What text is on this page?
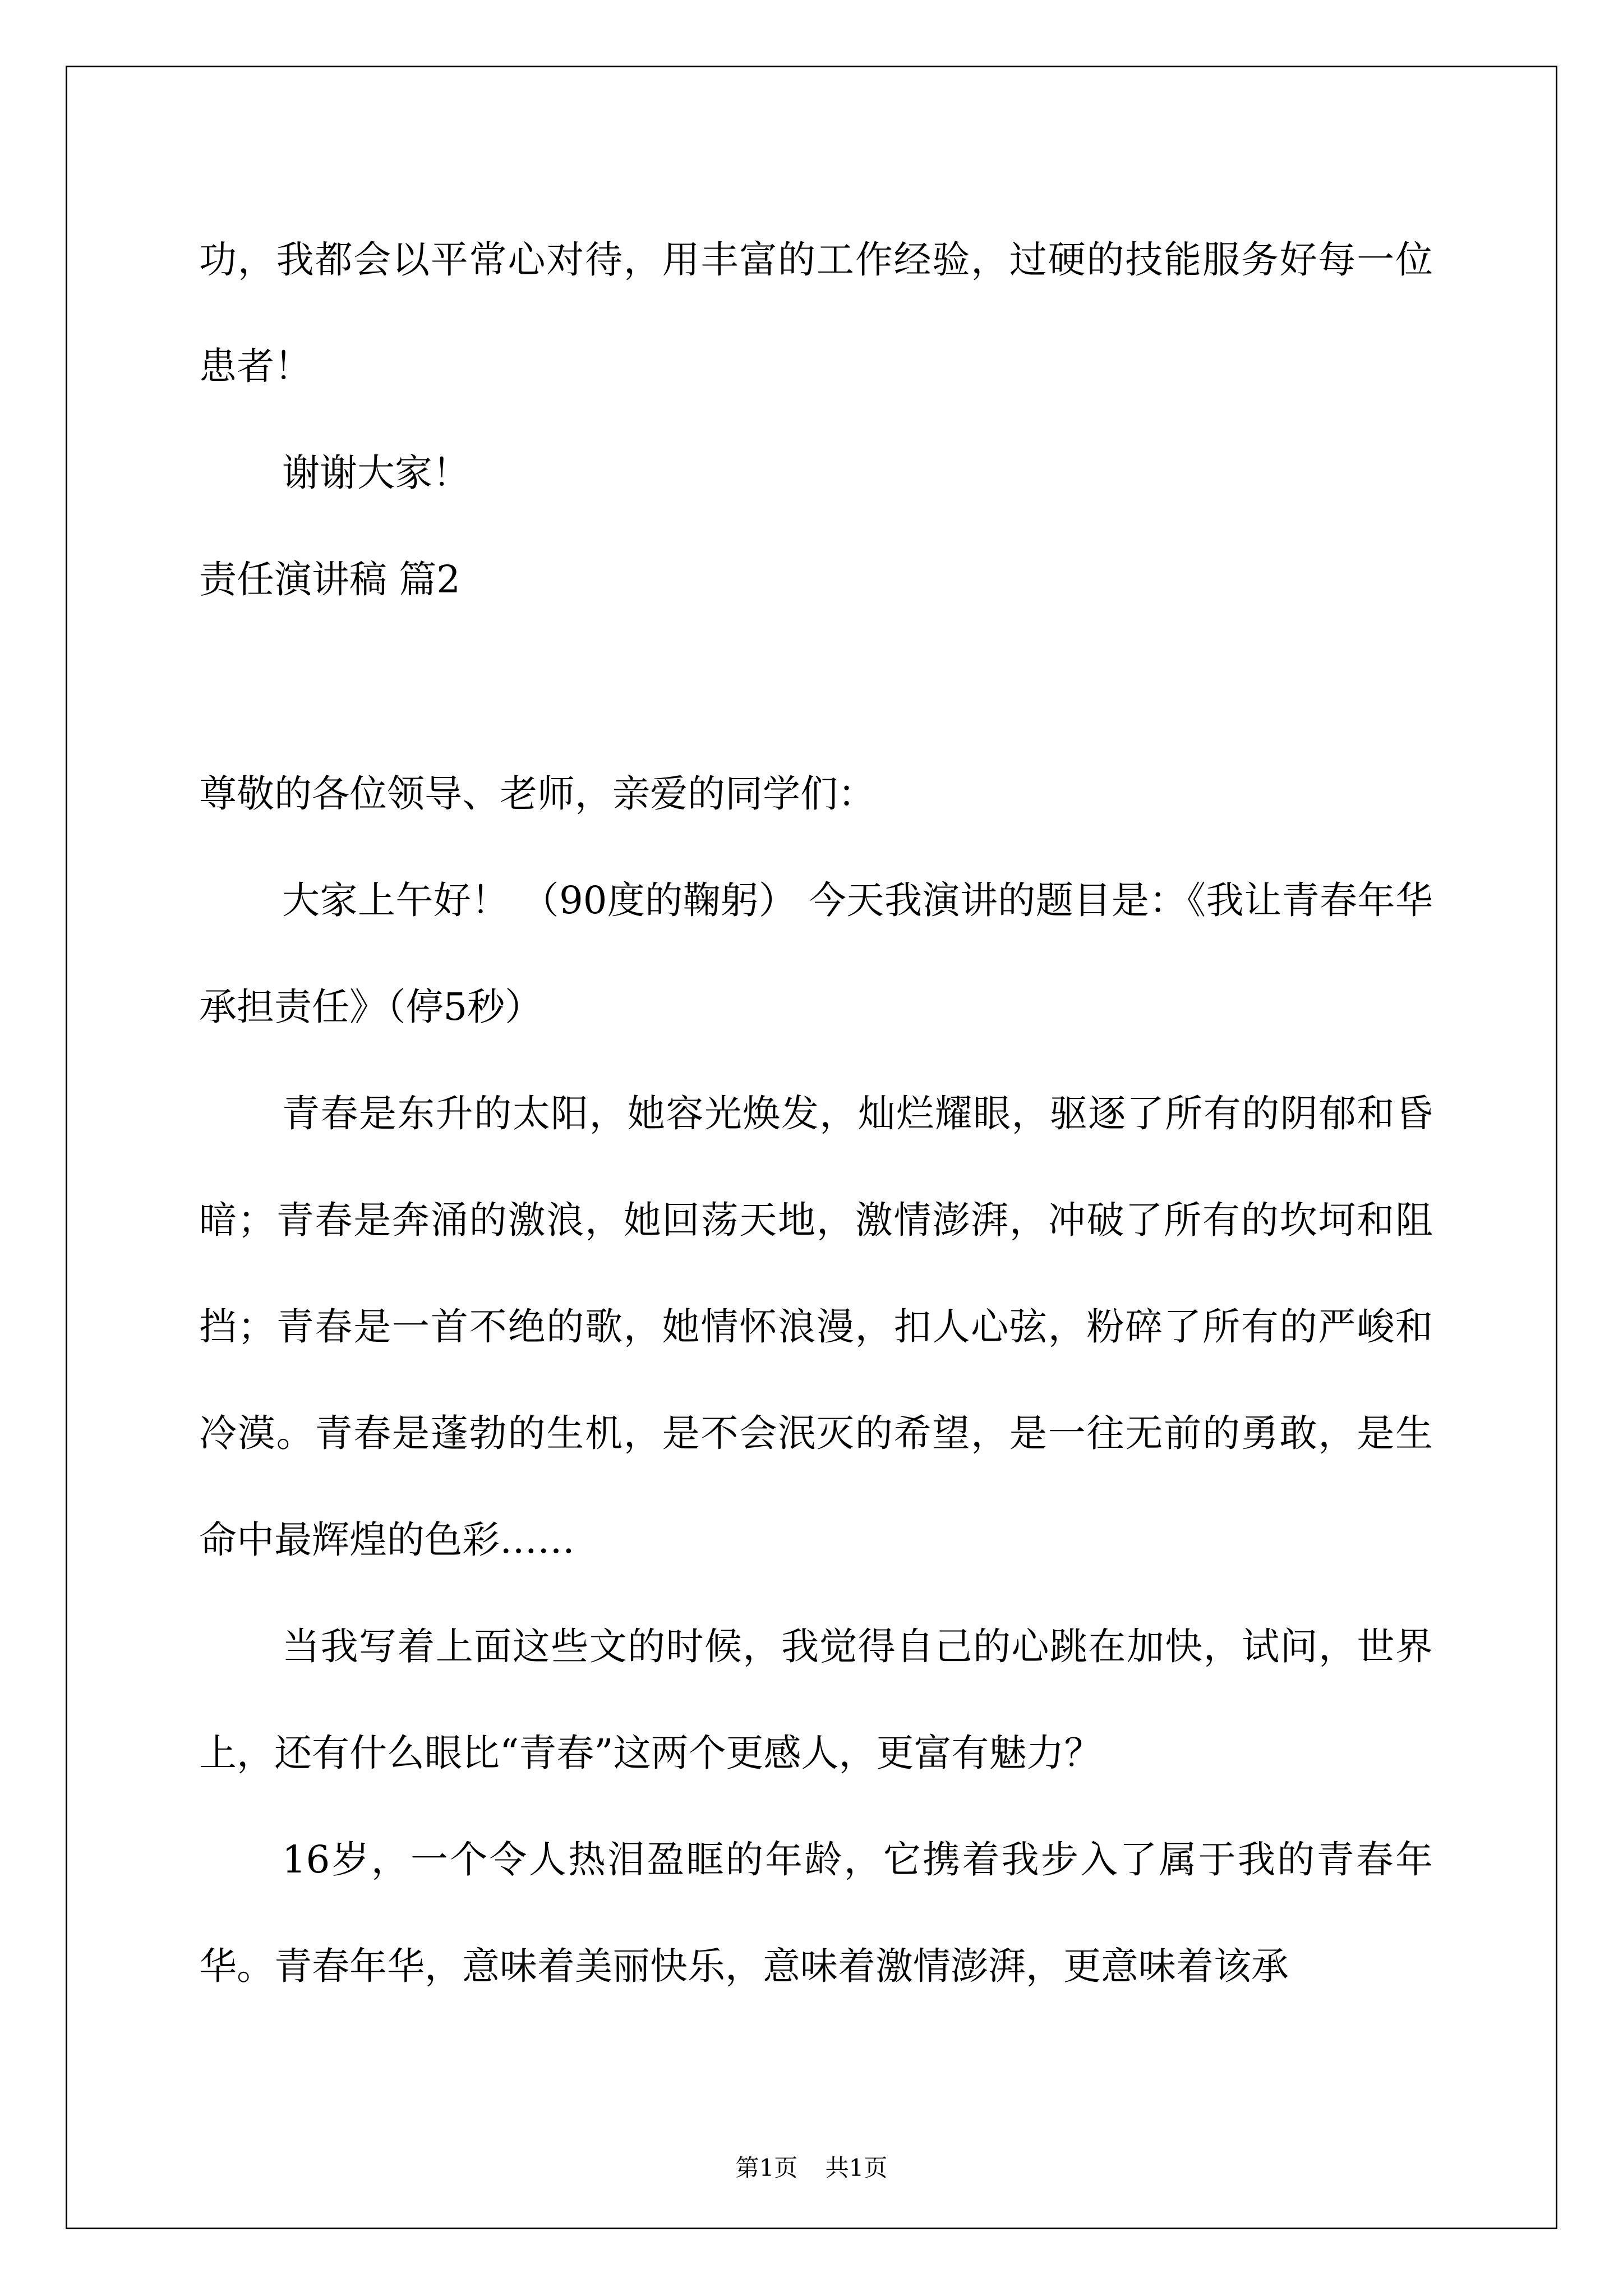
功，我都会以平常心对待，用丰富的工作经验，过硬的技能服务好每一位患者！
谢谢大家！
责任演讲稿 篇2
尊敬的各位领导、老师，亲爱的同学们：
大家上午好！ （90度的鞠躬） 今天我演讲的题目是：《我让青春年华承担责任》（停5秒）
青春是东升的太阳，她容光焕发，灿烂耀眼，驱逐了所有的阴郁和昏暗；青春是奔涌的激浪，她回荡天地，激情澎湃，冲破了所有的坎坷和阻挡；青春是一首不绝的歌，她情怀浪漫，扣人心弦，粉碎了所有的严峻和冷漠。青春是蓬勃的生机，是不会泯灭的希望，是一往无前的勇敢，是生命中最辉煌的色彩……
当我写着上面这些文的时候，我觉得自己的心跳在加快，试问，世界上，还有什么眼比“青春”这两个更感人，更富有魅力？
16岁，一个令人热泪盈眶的年龄，它携着我步入了属于我的青春年华。青春年华，意味着美丽快乐，意味着激情澎湃，更意味着该承
第1页 共1页
